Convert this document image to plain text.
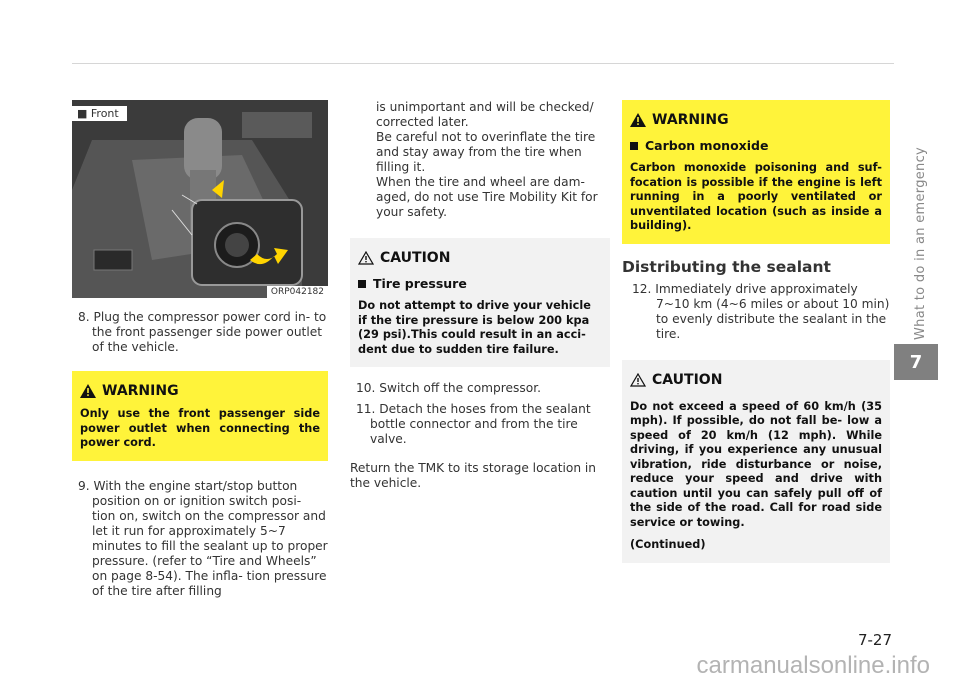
■ Front
ORP042182

8. Plug the compressor power cord in- to the front passenger side power outlet of the vehicle.

WARNING

Only use the front passenger side power outlet when connecting the power cord.

9. With the engine start/stop button position on or ignition switch posi- tion on, switch on the compressor and let it run for approximately 5~7 minutes to fill the sealant up to proper pressure. (refer to “Tire and Wheels” on page 8-54). The infla- tion pressure of the tire after filling

is unimportant and will be checked/ corrected later.

Be careful not to overinflate the tire and stay away from the tire when filling it.

When the tire and wheel are dam- aged, do not use Tire Mobility Kit for your safety.

CAUTION
Tire pressure

Do not attempt to drive your vehicle if the tire pressure is below 200 kpa (29 psi).This could result in an acci- dent due to sudden tire failure.

10. Switch off the compressor.

11. Detach the hoses from the sealant bottle connector and from the tire valve.

Return the TMK to its storage location in the vehicle.

WARNING
Carbon monoxide

Carbon monoxide poisoning and suf- focation is possible if the engine is left running in a poorly ventilated or unventilated location (such as inside a building).

Distributing the sealant

12. Immediately drive approximately 7~10 km (4~6 miles or about 10 min) to evenly distribute the sealant in the tire.

CAUTION

Do not exceed a speed of 60 km/h (35 mph). If possible, do not fall be- low a speed of 20 km/h (12 mph). While driving, if you experience any unusual vibration, ride disturbance or noise, reduce your speed and drive with caution until you can safely pull off of the side of the road. Call for road side service or towing.

(Continued)

What to do in an emergency
7
7-27
carmanualsonline.info
